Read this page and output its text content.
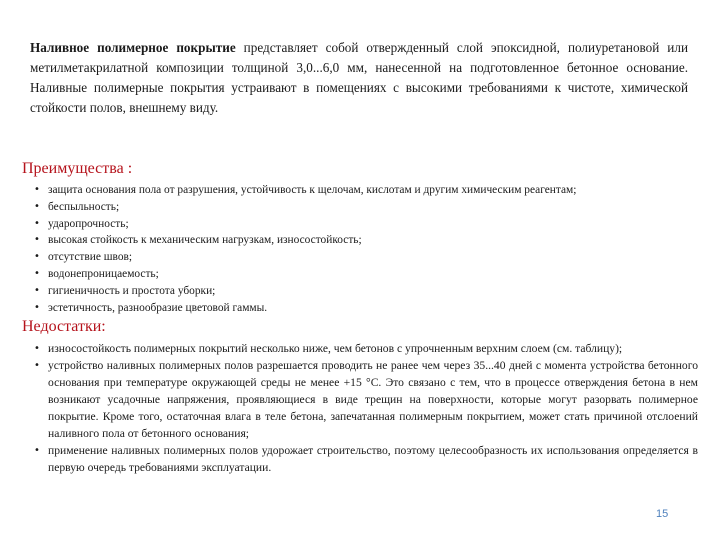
Наливное полимерное покрытие представляет собой отвержденный слой эпоксидной, полиуретановой или метилметакрилатной композиции толщиной 3,0...6,0 мм, нанесенной на подготовленное бетонное основание. Наливные полимерные покрытия устраивают в помещениях с высокими требованиями к чистоте, химической стойкости полов, внешнему виду.

Преимущества :
• защита основания пола от разрушения, устойчивость к щелочам, кислотам и другим химическим реагентам;
• беспыльность;
• ударопрочность;
• высокая стойкость к механическим нагрузкам, износостойкость;
• отсутствие швов;
• водонепроницаемость;
• гигиеничность и простота уборки;
• эстетичность, разнообразие цветовой гаммы.
Недостатки:
• износостойкость полимерных покрытий несколько ниже, чем бетонов с упрочненным верхним слоем (см. таблицу);
• устройство наливных полимерных полов разрешается проводить не ранее чем через 35...40 дней с момента устройства бетонного основания при температуре окружающей среды не менее +15 °С. Это связано с тем, что в процессе отверждения бетона в нем возникают усадочные напряжения, проявляющиеся в виде трещин на поверхности, которые могут разорвать полимерное покрытие. Кроме того, остаточная влага в теле бетона, запечатанная полимерным покрытием, может стать причиной отслоений наливного пола от бетонного основания;
• применение наливных полимерных полов удорожает строительство, поэтому целесообразность их использования определяется в первую очередь требованиями эксплуатации.
15
